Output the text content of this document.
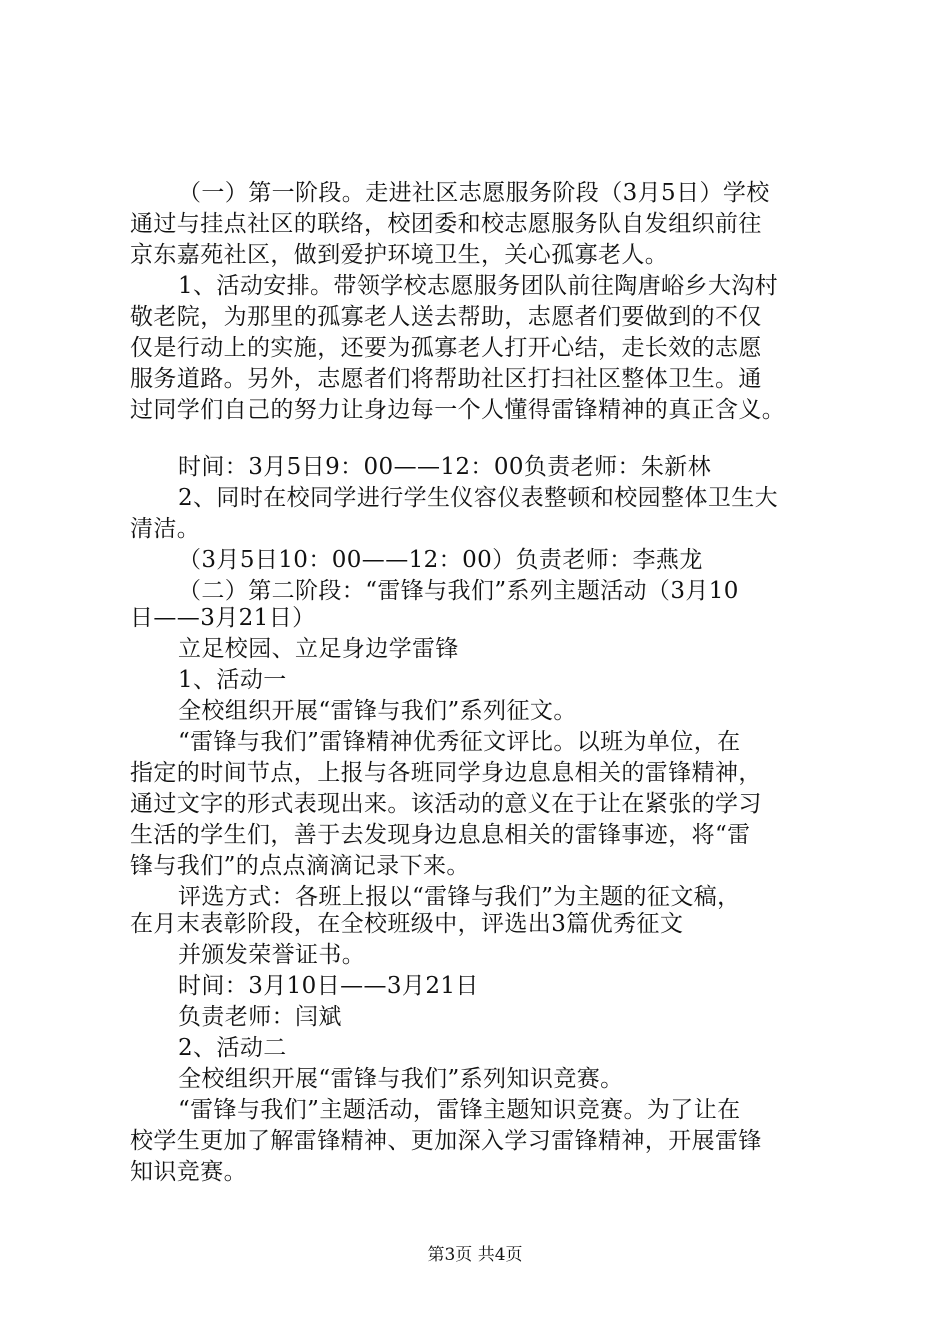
（一）第一阶段。走进社区志愿服务阶段（3月5日）学校
通过与挂点社区的联络，校团委和校志愿服务队自发组织前往
京东嘉苑社区，做到爱护环境卫生，关心孤寡老人。
1、活动安排。带领学校志愿服务团队前往陶唐峪乡大沟村
敬老院，为那里的孤寡老人送去帮助，志愿者们要做到的不仅
仅是行动上的实施，还要为孤寡老人打开心结，走长效的志愿
服务道路。另外，志愿者们将帮助社区打扫社区整体卫生。通
过同学们自己的努力让身边每一个人懂得雷锋精神的真正含义。
时间：3月5日9：00——12：00负责老师：朱新林
2、同时在校同学进行学生仪容仪表整顿和校园整体卫生大
清洁。
（3月5日10：00——12：00）负责老师：李燕龙
（二）第二阶段：“雷锋与我们”系列主题活动（3月10
日——3月21日）
立足校园、立足身边学雷锋
1、活动一
全校组织开展“雷锋与我们”系列征文。
“雷锋与我们”雷锋精神优秀征文评比。以班为单位，在
指定的时间节点，上报与各班同学身边息息相关的雷锋精神，
通过文字的形式表现出来。该活动的意义在于让在紧张的学习
生活的学生们，善于去发现身边息息相关的雷锋事迹，将“雷
锋与我们”的点点滴滴记录下来。
评选方式：各班上报以“雷锋与我们”为主题的征文稿，
在月末表彰阶段，在全校班级中，评选出3篇优秀征文
并颁发荣誉证书。
时间：3月10日——3月21日
负责老师：闫斌
2、活动二
全校组织开展“雷锋与我们”系列知识竞赛。
“雷锋与我们”主题活动，雷锋主题知识竞赛。为了让在
校学生更加了解雷锋精神、更加深入学习雷锋精神，开展雷锋
知识竞赛。
第3页 共4页
